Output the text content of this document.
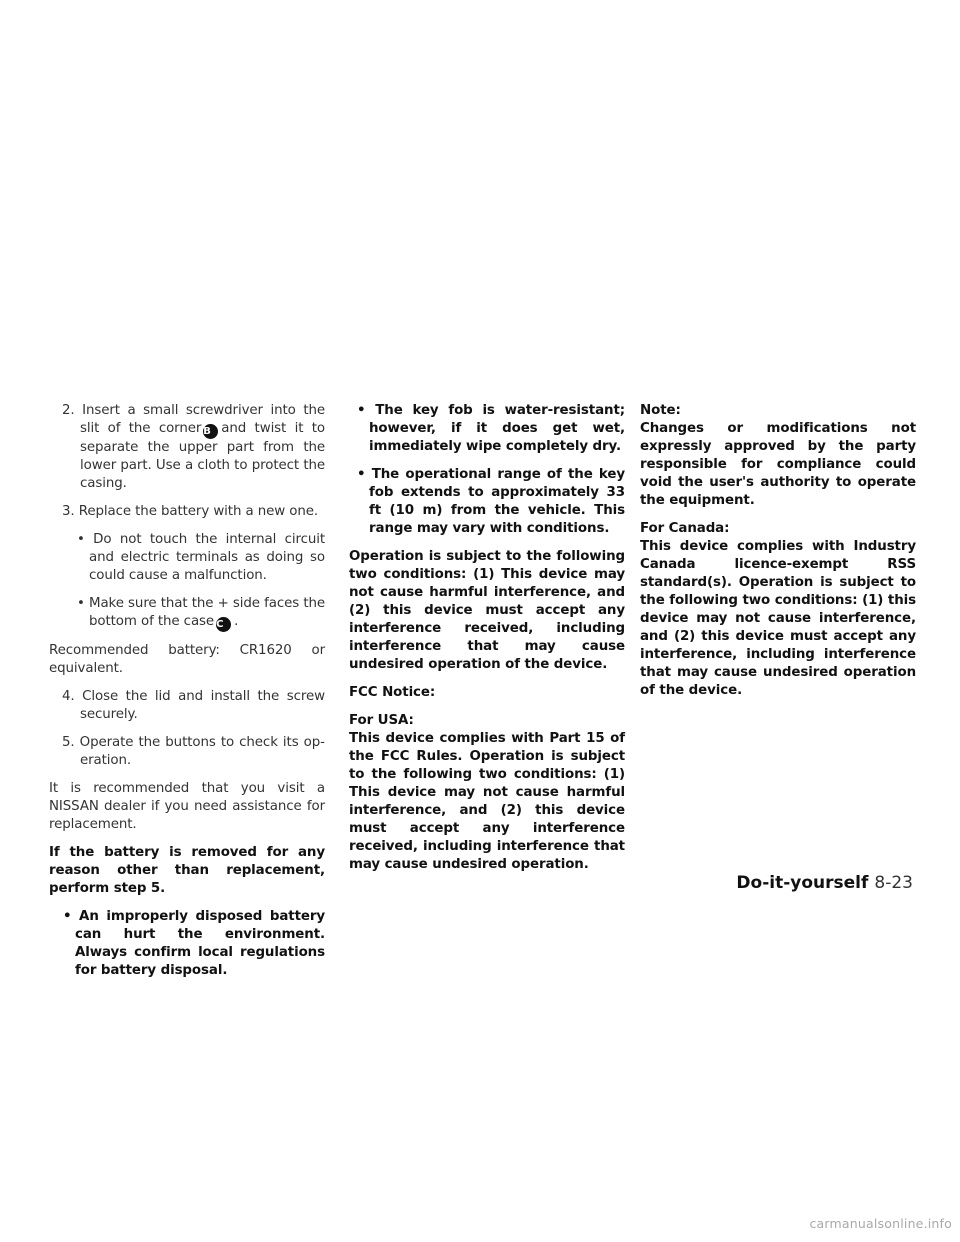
2. Insert a small screwdriver into the slit of the corner B and twist it to separate the upper part from the lower part. Use a cloth to protect the casing.

3. Replace the battery with a new one.

• Do not touch the internal circuit and electric terminals as doing so could cause a malfunction.

• Make sure that the + side faces the bottom of the case C .

Recommended battery: CR1620 or equivalent.

4. Close the lid and install the screw securely.

5. Operate the buttons to check its operation.

It is recommended that you visit a NISSAN dealer if you need assistance for replacement.

If the battery is removed for any reason other than replacement, perform step 5.

• An improperly disposed battery can hurt the environment. Always confirm local regulations for battery disposal.

• The key fob is water-resistant; however, if it does get wet, immediately wipe completely dry.

• The operational range of the key fob extends to approximately 33 ft (10 m) from the vehicle. This range may vary with conditions.

Operation is subject to the following two conditions: (1) This device may not cause harmful interference, and (2) this device must accept any interference received, including interference that may cause undesired operation of the device.

FCC Notice:

For USA:

This device complies with Part 15 of the FCC Rules. Operation is subject to the following two conditions: (1) This device may not cause harmful interference, and (2) this device must accept any interference received, including interference that may cause undesired operation.

Note:

Changes or modifications not expressly approved by the party responsible for compliance could void the user's authority to operate the equipment.

For Canada:

This device complies with Industry Canada licence-exempt RSS standard(s). Operation is subject to the following two conditions: (1) this device may not cause interference, and (2) this device must accept any interference, including interference that may cause undesired operation of the device.

Do-it-yourself 8-23
carmanualsonline.info
